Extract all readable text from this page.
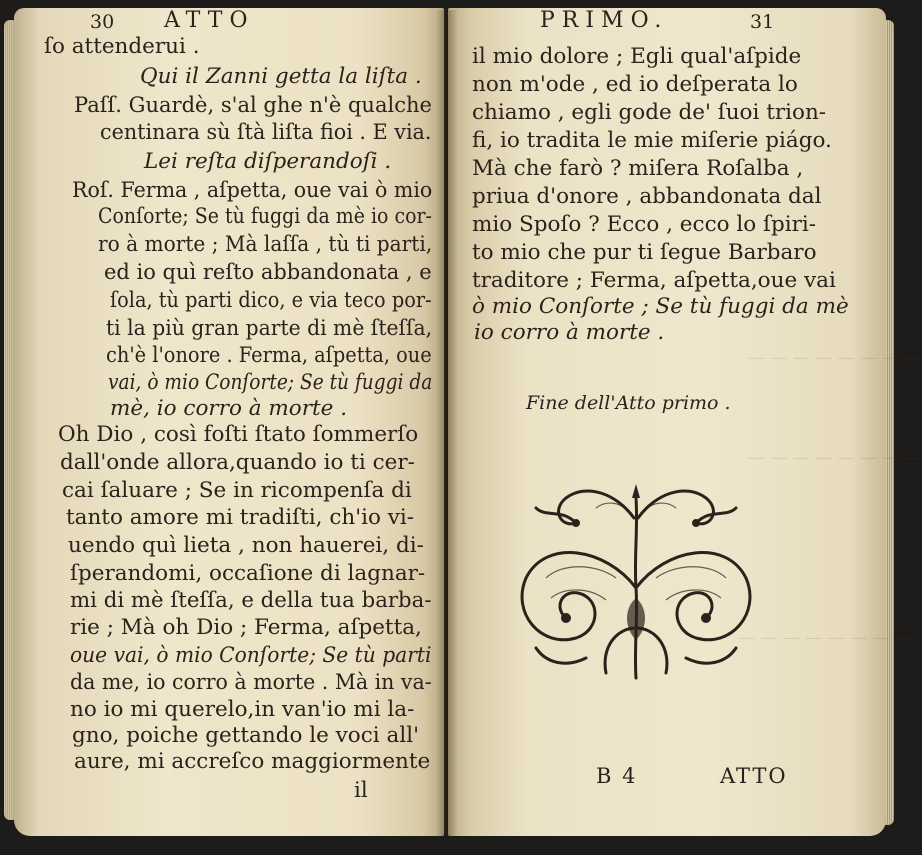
30 ATTO
ſo attenderui .
Qui il Zanni getta la liſta .
Paſſ. Guardè, s'al ghe n'è qualche
centinara sù ſtà liſta fioi . E via.
Lei reſta diſperandoſi .
Roſ. Ferma , aſpetta, oue vai ò mio
Conſorte; Se tù fuggi da mè io cor-
ro à morte ; Mà laſſa , tù ti parti,
ed io quì reſto abbandonata , e
ſola, tù parti dico, e via teco por-
ti la più gran parte di mè ſteſſa,
ch'è l'onore . Ferma, aſpetta, oue
vai, ò mio Conſorte; Se tù fuggi da
mè, io corro à morte .
Oh Dio , così foſti ſtato ſommerſo
dall'onde allora,quando io ti cer-
cai ſaluare ; Se in ricompenſa di
tanto amore mi tradiſti, ch'io vi-
uendo quì lieta , non hauerei, di-
ſperandomi, occaſione di lagnar-
mi di mè ſteſſa, e della tua barba-
rie ; Mà oh Dio ; Ferma, aſpetta,
oue vai, ò mio Conſorte; Se tù parti
da me, io corro à morte . Mà in va-
no io mi querelo,in van'io mi la-
gno, poiche gettando le voci all'
aure, mi accreſco maggiormente
il
— — — — — — — —
— — — — — — — —
— — — — — — — —
PRIMO.	31
il mio dolore ; Egli qual'aſpide
non m'ode , ed io deſperata lo
chiamo , egli gode de' ſuoi trion-
fi, io tradita le mie miſerie piágo.
Mà che farò ? miſera Roſalba ,
priua d'onore , abbandonata dal
mio Spoſo ? Ecco , ecco lo ſpiri-
to mio che pur ti ſegue Barbaro
traditore ; Ferma, aſpetta,oue vai
ò mio Conſorte ; Se tù fuggi da mè
io corro à morte .
Fine dell'Atto primo .
B 4	ATTO
